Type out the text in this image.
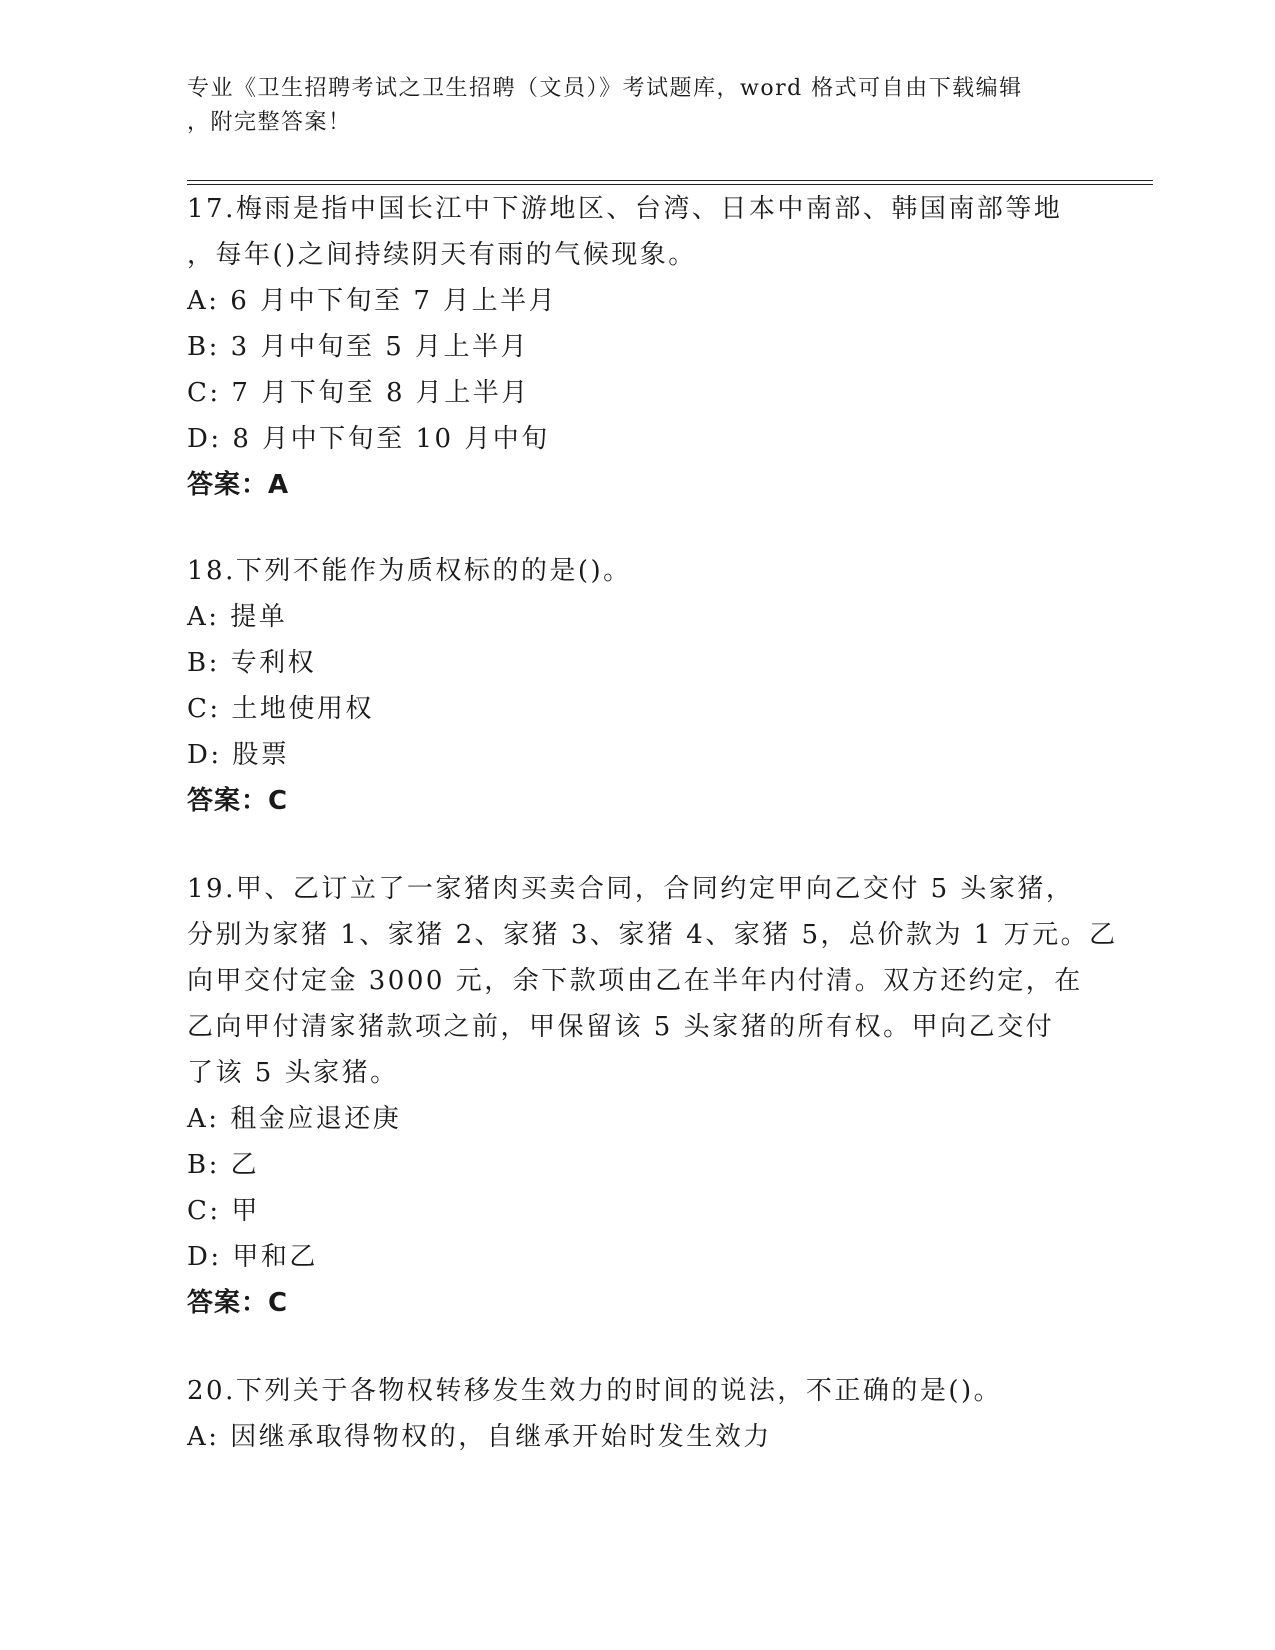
专业《卫生招聘考试之卫生招聘（文员）》考试题库，word 格式可自由下载编辑
，附完整答案！
17.梅雨是指中国长江中下游地区、台湾、日本中南部、韩国南部等地
，每年()之间持续阴天有雨的气候现象。
A: 6 月中下旬至 7 月上半月
B: 3 月中旬至 5 月上半月
C: 7 月下旬至 8 月上半月
D: 8 月中下旬至 10 月中旬
答案：A
18.下列不能作为质权标的的是()。
A: 提单
B: 专利权
C: 土地使用权
D: 股票
答案：C
19.甲、乙订立了一家猪肉买卖合同，合同约定甲向乙交付 5 头家猪，
分别为家猪 1、家猪 2、家猪 3、家猪 4、家猪 5，总价款为 1 万元。乙
向甲交付定金 3000 元，余下款项由乙在半年内付清。双方还约定，在
乙向甲付清家猪款项之前，甲保留该 5 头家猪的所有权。甲向乙交付
了该 5 头家猪。
A: 租金应退还庚
B: 乙
C: 甲
D: 甲和乙
答案：C
20.下列关于各物权转移发生效力的时间的说法，不正确的是()。
A: 因继承取得物权的，自继承开始时发生效力
